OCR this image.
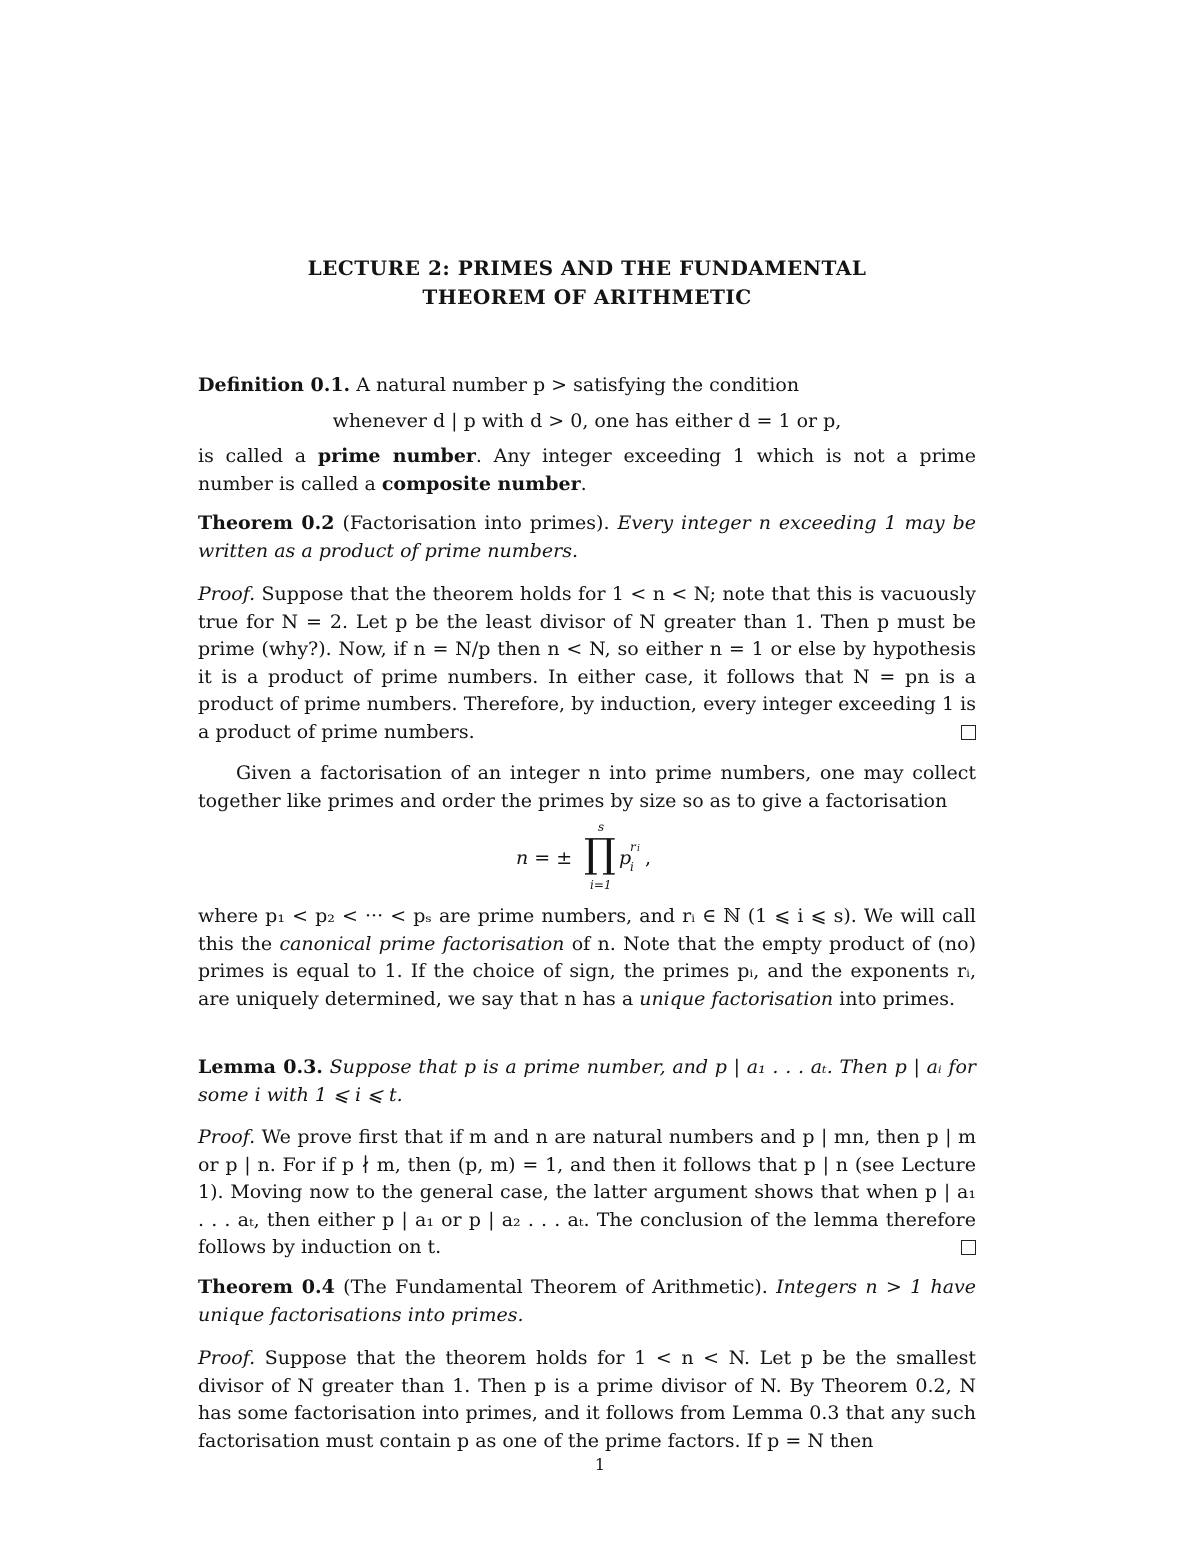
LECTURE 2: PRIMES AND THE FUNDAMENTAL
THEOREM OF ARITHMETIC

Definition 0.1. A natural number p > satisfying the condition

whenever d | p with d > 0, one has either d = 1 or p,

is called a prime number. Any integer exceeding 1 which is not a prime number is called a composite number.

Theorem 0.2 (Factorisation into primes). Every integer n exceeding 1 may be written as a product of prime numbers.

Proof. Suppose that the theorem holds for 1 < n < N; note that this is vacuously true for N = 2. Let p be the least divisor of N greater than 1. Then p must be prime (why?). Now, if n = N/p then n < N, so either n = 1 or else by hypothesis it is a product of prime numbers. In either case, it follows that N = pn is a product of prime numbers. Therefore, by induction, every integer exceeding 1 is a product of prime numbers.

Given a factorisation of an integer n into prime numbers, one may collect together like primes and order the primes by size so as to give a factorisation

n = ±
s
∏
i=1
p
i
r i ,

where p₁ < p₂ < ··· < pₛ are prime numbers, and rᵢ ∈ ℕ (1 ⩽ i ⩽ s). We will call this the canonical prime factorisation of n. Note that the empty product of (no) primes is equal to 1. If the choice of sign, the primes pᵢ, and the exponents rᵢ, are uniquely determined, we say that n has a unique factorisation into primes.

Lemma 0.3. Suppose that p is a prime number, and p | a₁ . . . aₜ. Then p | aᵢ for some i with 1 ⩽ i ⩽ t.

Proof. We prove first that if m and n are natural numbers and p | mn, then p | m or p | n. For if p ∤ m, then (p, m) = 1, and then it follows that p | n (see Lecture 1). Moving now to the general case, the latter argument shows that when p | a₁ . . . aₜ, then either p | a₁ or p | a₂ . . . aₜ. The conclusion of the lemma therefore follows by induction on t.

Theorem 0.4 (The Fundamental Theorem of Arithmetic). Integers n > 1 have unique factorisations into primes.

Proof. Suppose that the theorem holds for 1 < n < N. Let p be the smallest divisor of N greater than 1. Then p is a prime divisor of N. By Theorem 0.2, N has some factorisation into primes, and it follows from Lemma 0.3 that any such factorisation must contain p as one of the prime factors. If p = N then

1
